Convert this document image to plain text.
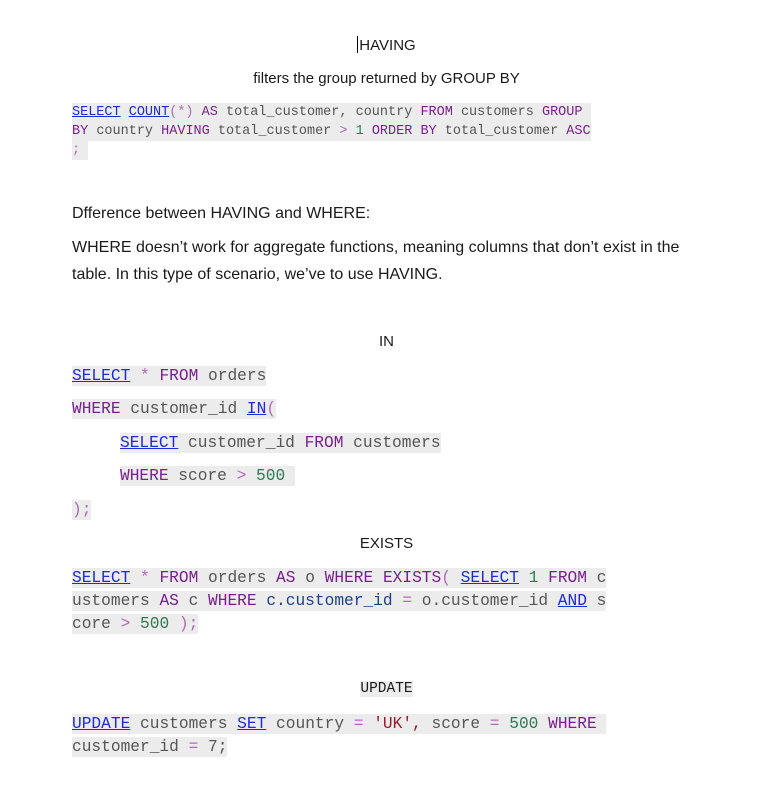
HAVING
filters the group returned by GROUP BY
SELECT COUNT(*) AS total_customer, country FROM customers GROUP
BY country HAVING total_customer > 1 ORDER BY total_customer ASC
;
Dfference between HAVING and WHERE:
WHERE doesn’t work for aggregate functions, meaning columns that don’t exist in the table. In this type of scenario, we’ve to use HAVING.
IN
SELECT * FROM orders
WHERE customer_id IN(
SELECT customer_id FROM customers
WHERE score > 500
);
EXISTS
SELECT * FROM orders AS o WHERE EXISTS( SELECT 1 FROM c
ustomers AS c WHERE c.customer_id = o.customer_id AND s
core > 500 );
UPDATE
UPDATE customers SET country = 'UK', score = 500 WHERE
customer_id = 7;
